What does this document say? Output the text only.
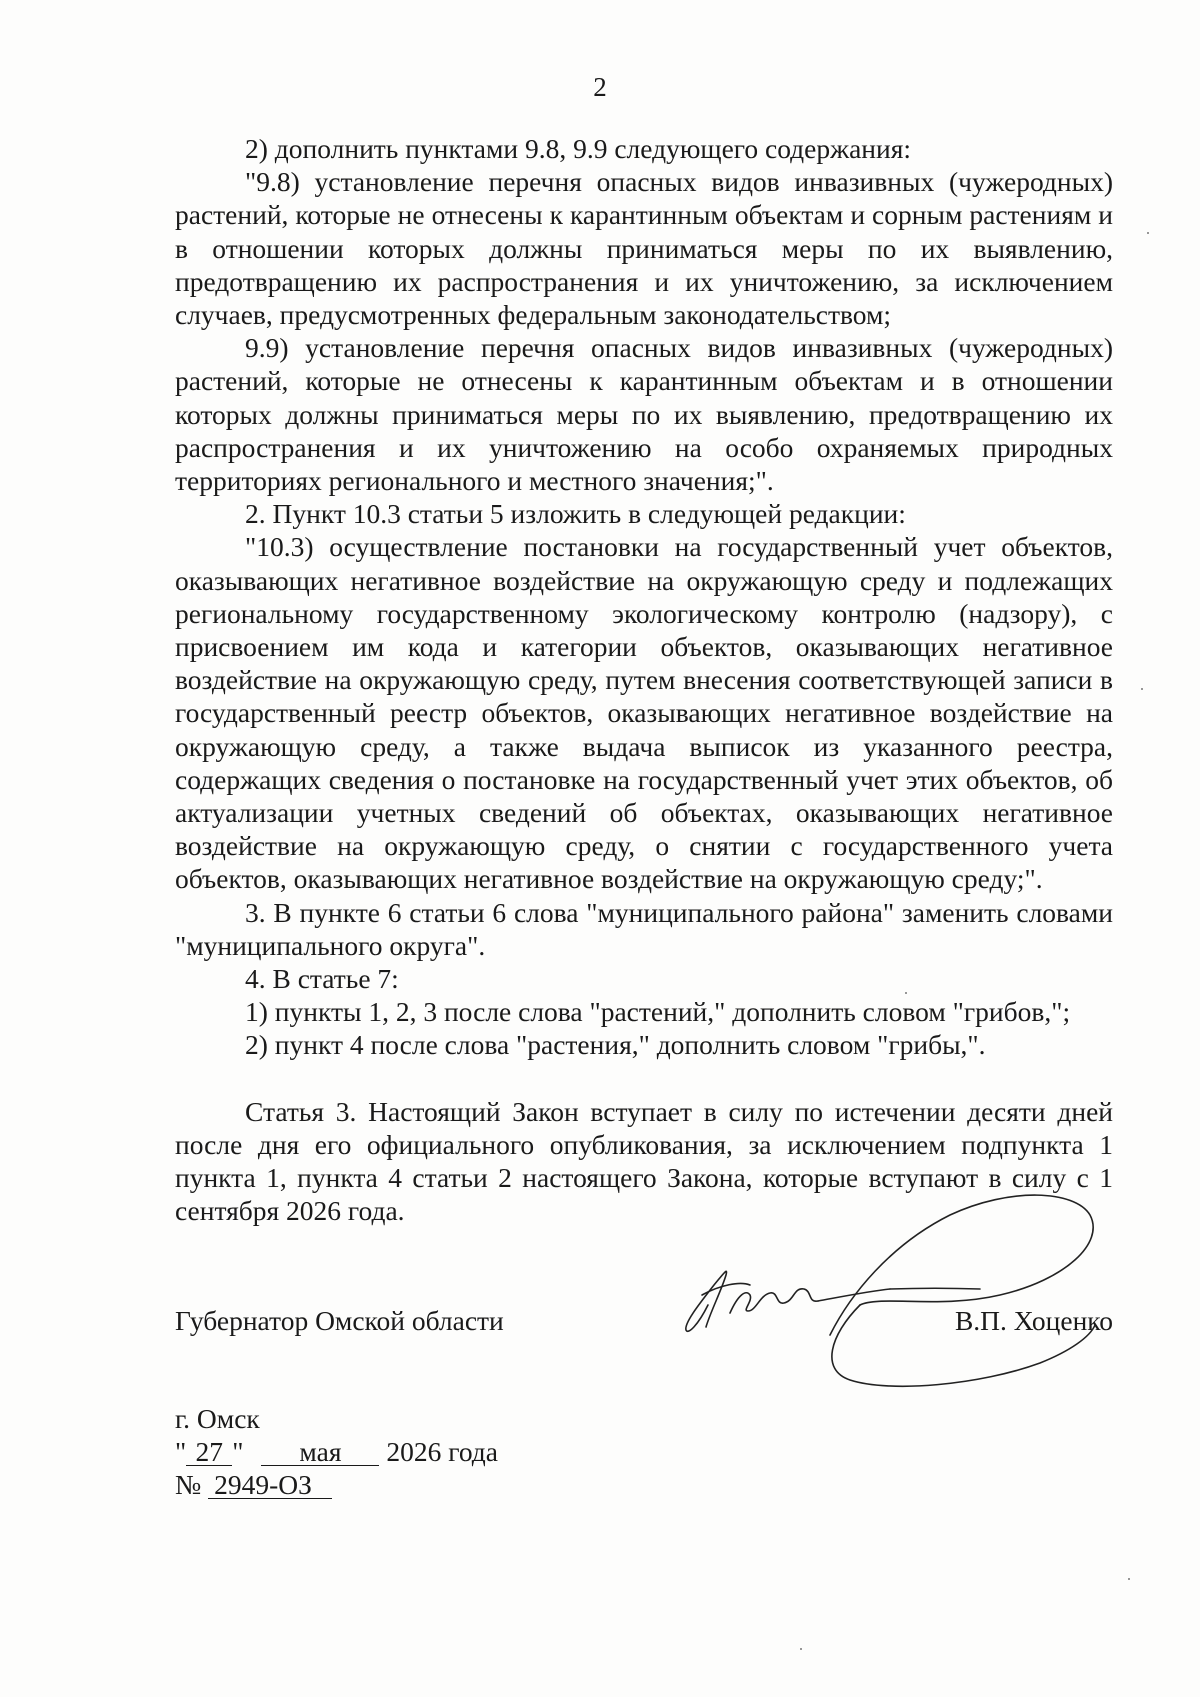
2

2) дополнить пунктами 9.8, 9.9 следующего содержания:

"9.8) установление перечня опасных видов инвазивных (чужеродных) растений, которые не отнесены к карантинным объектам и сорным растениям и в отношении которых должны приниматься меры по их выявлению, предотвращению их распространения и их уничтожению, за исключением случаев, предусмотренных федеральным законодательством;

9.9) установление перечня опасных видов инвазивных (чужеродных) растений, которые не отнесены к карантинным объектам и в отношении которых должны приниматься меры по их выявлению, предотвращению их распространения и их уничтожению на особо охраняемых природных территориях регионального и местного значения;".

2. Пункт 10.3 статьи 5 изложить в следующей редакции:

"10.3) осуществление постановки на государственный учет объектов, оказывающих негативное воздействие на окружающую среду и подлежащих региональному государственному экологическому контролю (надзору), с присвоением им кода и категории объектов, оказывающих негативное воздействие на окружающую среду, путем внесения соответствующей записи в государственный реестр объектов, оказывающих негативное воздействие на окружающую среду, а также выдача выписок из указанного реестра, содержащих сведения о постановке на государственный учет этих объектов, об актуализации учетных сведений об объектах, оказывающих негативное воздействие на окружающую среду, о снятии с государственного учета объектов, оказывающих негативное воздействие на окружающую среду;".

3. В пункте 6 статьи 6 слова "муниципального района" заменить словами "муниципального округа".

4. В статье 7:

1) пункты 1, 2, 3 после слова "растений," дополнить словом "грибов,";

2) пункт 4 после слова "растения," дополнить словом "грибы,".

Статья 3. Настоящий Закон вступает в силу по истечении десяти дней после дня его официального опубликования, за исключением подпункта 1 пункта 1, пункта 4 статьи 2 настоящего Закона, которые вступают в силу с 1 сентября 2026 года.

Губернатор Омской области	В.П. Хоценко
г. Омск
" 27 " мая 2026 года
№ 2949-ОЗ
